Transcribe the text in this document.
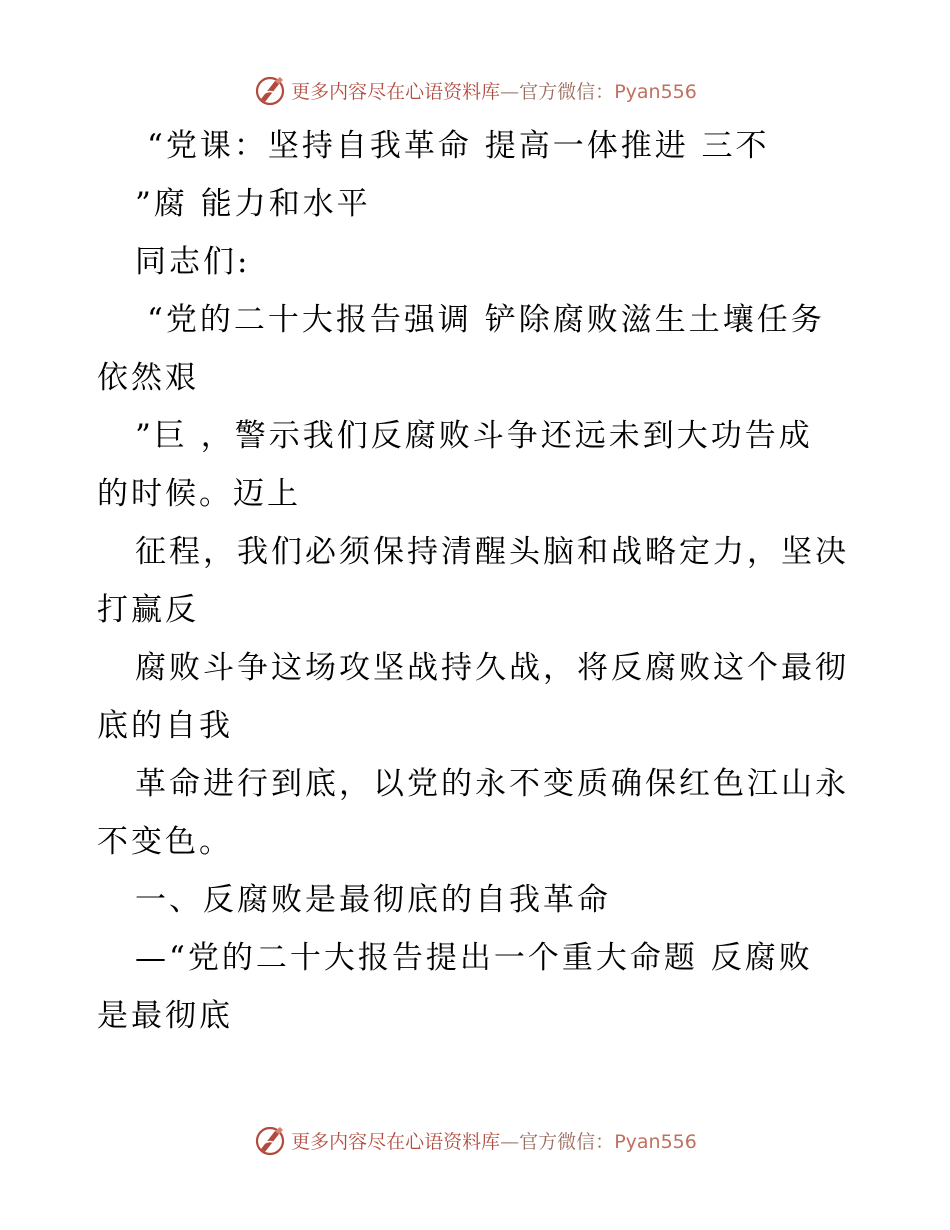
更多内容尽在心语资料库—官方微信：Pyan556
“党课：坚持自我革命 提高一体推进 三不
”腐 能力和水平
同志们:
“党的二十大报告强调 铲除腐败滋生土壤任务
依然艰
”巨 ，警示我们反腐败斗争还远未到大功告成
的时候。迈上
征程，我们必须保持清醒头脑和战略定力，坚决
打赢反
腐败斗争这场攻坚战持久战，将反腐败这个最彻
底的自我
革命进行到底，以党的永不变质确保红色江山永
不变色。
一、反腐败是最彻底的自我革命
—“党的二十大报告提出一个重大命题 反腐败
是最彻底
更多内容尽在心语资料库—官方微信：Pyan556
